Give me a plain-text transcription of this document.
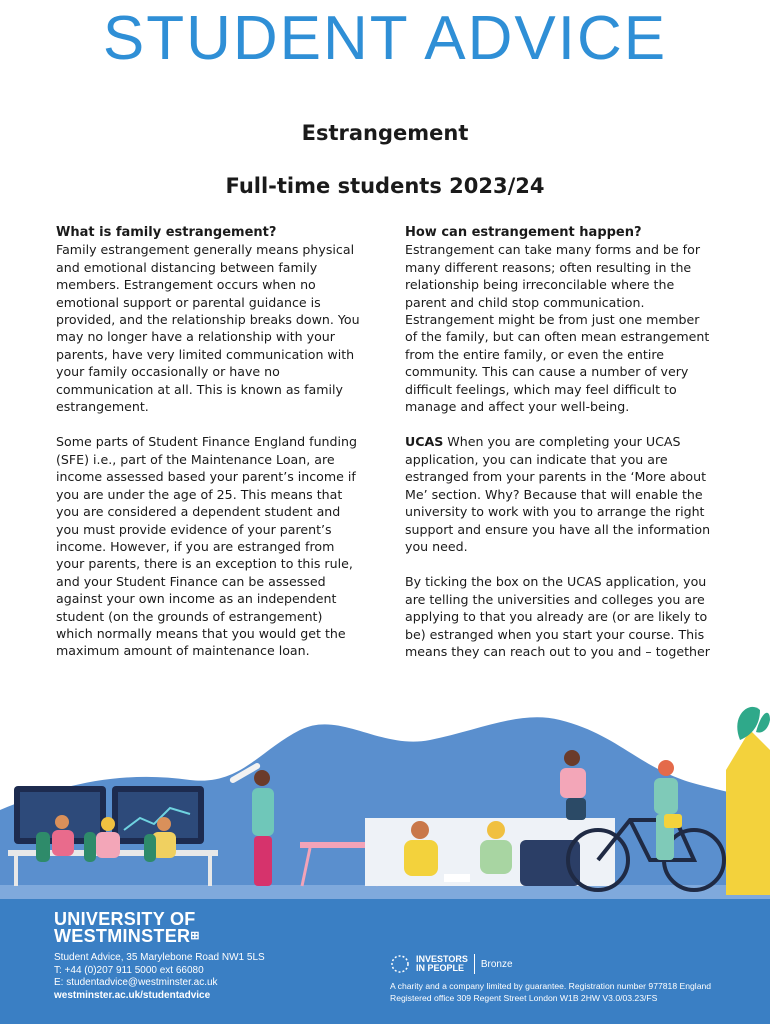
STUDENT ADVICE
Estrangement
Full-time students 2023/24
What is family estrangement?

Family estrangement generally means physical and emotional distancing between family members. Estrangement occurs when no emotional support or parental guidance is provided, and the relationship breaks down. You may no longer have a relationship with your parents, have very limited communication with your family occasionally or have no communication at all. This is known as family estrangement.

Some parts of Student Finance England funding (SFE) i.e., part of the Maintenance Loan, are income assessed based your parent’s income if you are under the age of 25. This means that you are considered a dependent student and you must provide evidence of your parent’s income. However, if you are estranged from your parents, there is an exception to this rule, and your Student Finance can be assessed against your own income as an independent student (on the grounds of estrangement) which normally means that you would get the maximum amount of maintenance loan.

How can estrangement happen?

Estrangement can take many forms and be for many different reasons; often resulting in the relationship being irreconcilable where the parent and child stop communication. Estrangement might be from just one member of the family, but can often mean estrangement from the entire family, or even the entire community. This can cause a number of very difficult feelings, which may feel difficult to manage and affect your well-being.

UCAS When you are completing your UCAS application, you can indicate that you are estranged from your parents in the ‘More about Me’ section. Why? Because that will enable the university to work with you to arrange the right support and ensure you have all the information you need.

By ticking the box on the UCAS application, you are telling the universities and colleges you are applying to that you already are (or are likely to be) estranged when you start your course. This means they can reach out to you and – together

UNIVERSITY OF
WESTMINSTER⊞
Student Advice, 35 Marylebone Road NW1 5LS
T: +44 (0)207 911 5000 ext 66080
E: studentadvice@westminster.ac.uk
westminster.ac.uk/studentadvice
INVESTORS
IN PEOPLE	Bronze
A charity and a company limited by guarantee. Registration number 977818 England
Registered office 309 Regent Street London W1B 2HW V3.0/03.23/FS
